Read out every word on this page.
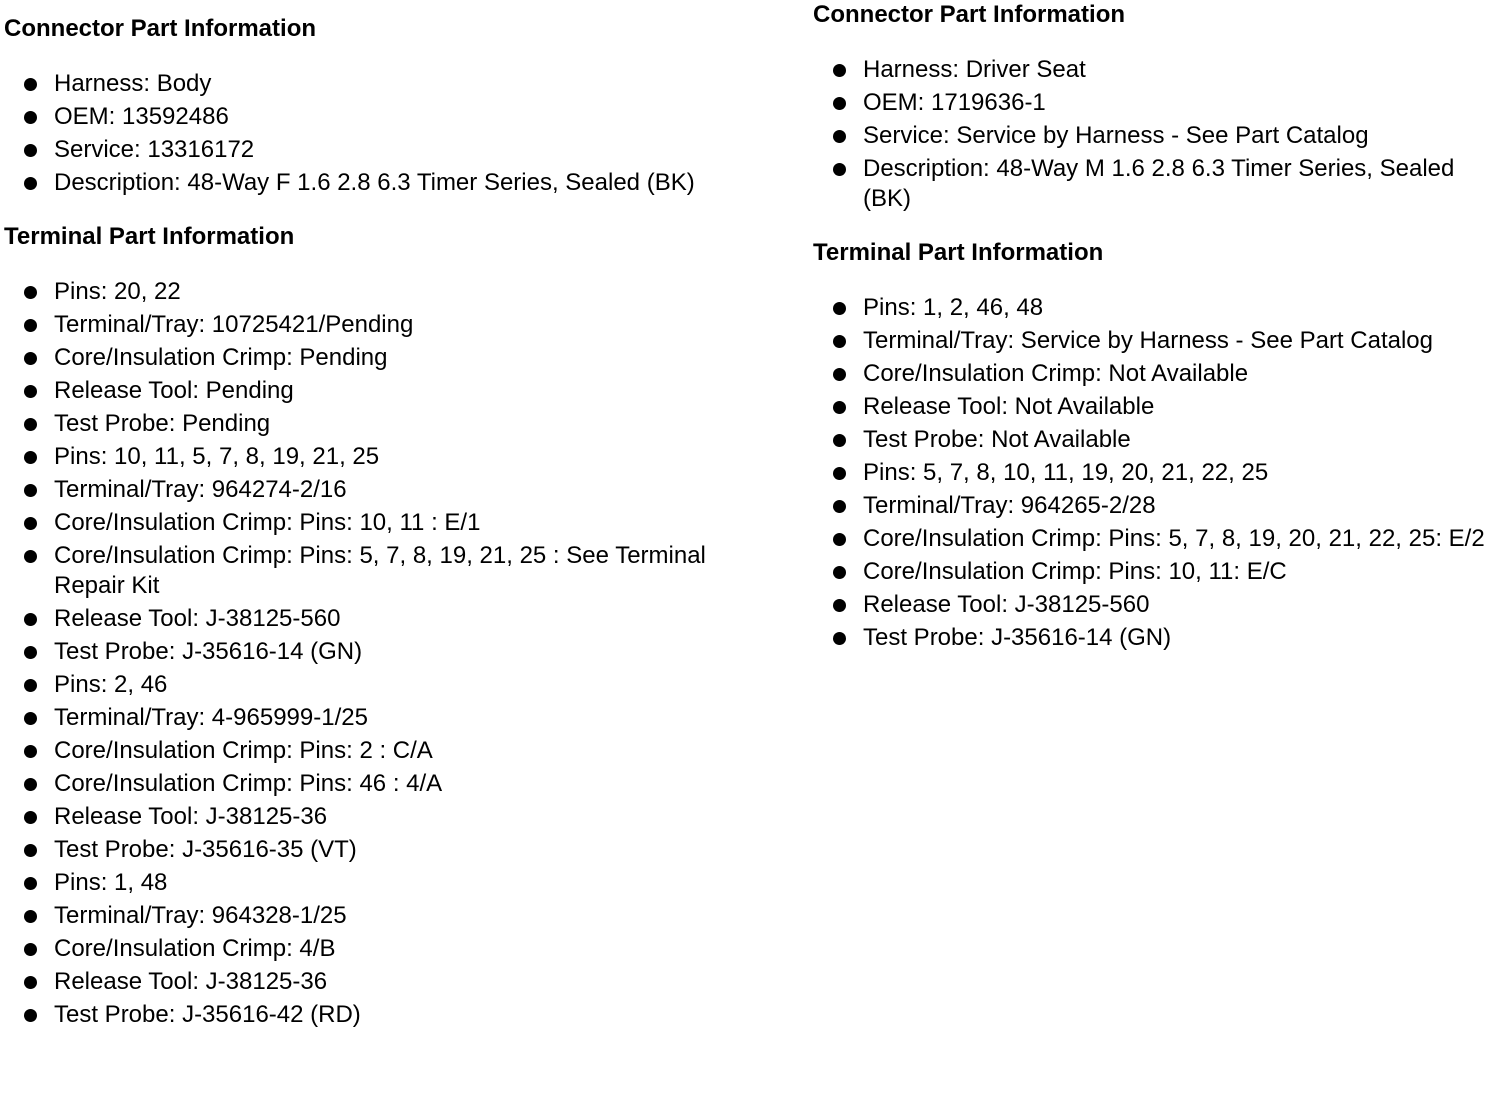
Connector Part Information
Harness: Body
OEM: 13592486
Service: 13316172
Description: 48-Way F 1.6 2.8 6.3 Timer Series, Sealed (BK)
Terminal Part Information
Pins: 20, 22
Terminal/Tray: 10725421/Pending
Core/Insulation Crimp: Pending
Release Tool: Pending
Test Probe: Pending
Pins: 10, 11, 5, 7, 8, 19, 21, 25
Terminal/Tray: 964274-2/16
Core/Insulation Crimp: Pins: 10, 11 : E/1
Core/Insulation Crimp: Pins: 5, 7, 8, 19, 21, 25 : See Terminal Repair Kit
Release Tool: J-38125-560
Test Probe: J-35616-14 (GN)
Pins: 2, 46
Terminal/Tray: 4-965999-1/25
Core/Insulation Crimp: Pins: 2 : C/A
Core/Insulation Crimp: Pins: 46 : 4/A
Release Tool: J-38125-36
Test Probe: J-35616-35 (VT)
Pins: 1, 48
Terminal/Tray: 964328-1/25
Core/Insulation Crimp: 4/B
Release Tool: J-38125-36
Test Probe: J-35616-42 (RD)
Connector Part Information
Harness: Driver Seat
OEM: 1719636-1
Service: Service by Harness - See Part Catalog
Description: 48-Way M 1.6 2.8 6.3 Timer Series, Sealed (BK)
Terminal Part Information
Pins: 1, 2, 46, 48
Terminal/Tray: Service by Harness - See Part Catalog
Core/Insulation Crimp: Not Available
Release Tool: Not Available
Test Probe: Not Available
Pins: 5, 7, 8, 10, 11, 19, 20, 21, 22, 25
Terminal/Tray: 964265-2/28
Core/Insulation Crimp: Pins: 5, 7, 8, 19, 20, 21, 22, 25: E/2
Core/Insulation Crimp: Pins: 10, 11: E/C
Release Tool: J-38125-560
Test Probe: J-35616-14 (GN)
